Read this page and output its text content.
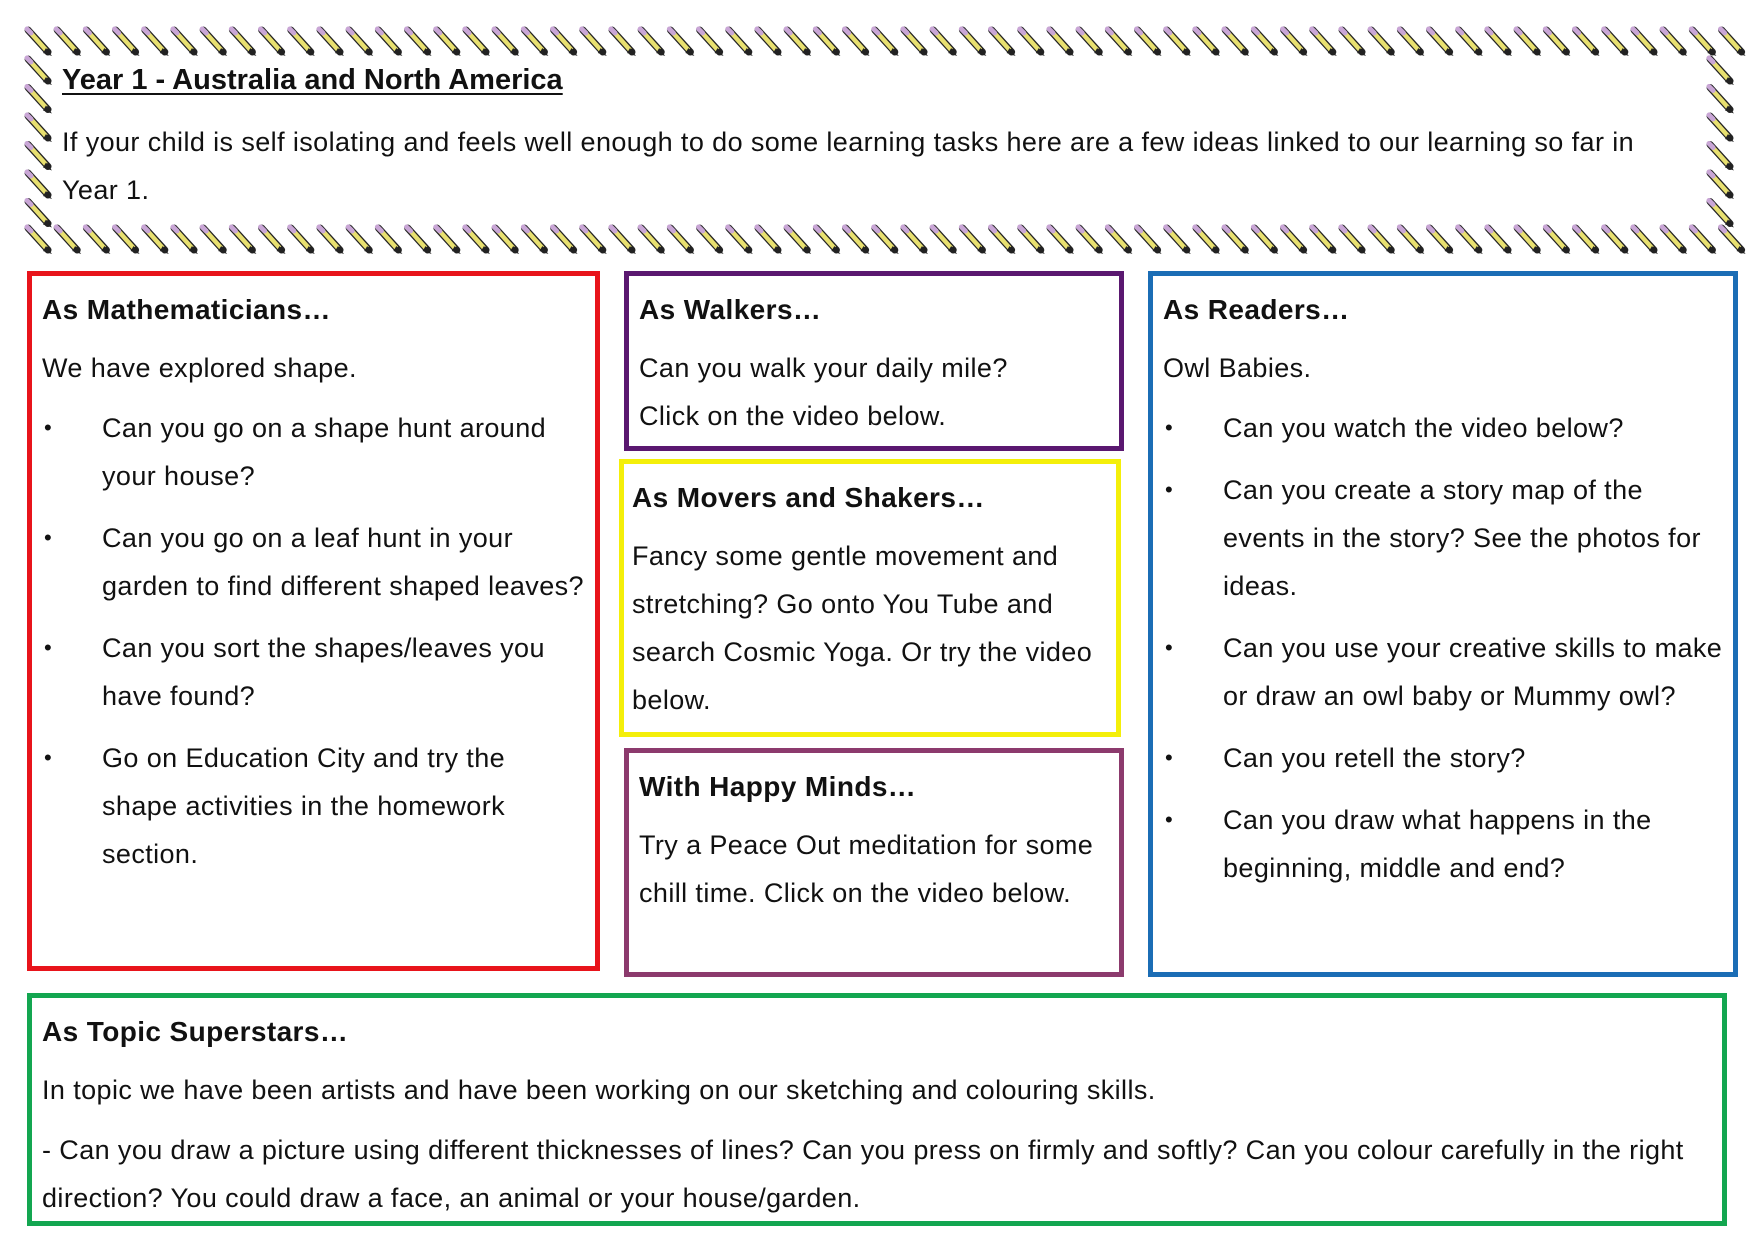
Year 1 - Australia and North America

If your child is self isolating and feels well enough to do some learning tasks here are a few ideas linked to our learning so far in Year 1.

As Mathematicians…

We have explored shape.

• Can you go on a shape hunt around your house?
• Can you go on a leaf hunt in your garden to find different shaped leaves?
• Can you sort the shapes/leaves you have found?
• Go on Education City and try the shape activities in the homework section.
As Walkers…

Can you walk your daily mile?

Click on the video below.

As Movers and Shakers…

Fancy some gentle movement and stretching? Go onto You Tube and search Cosmic Yoga. Or try the video below.

With Happy Minds…

Try a Peace Out meditation for some chill time. Click on the video below.

As Readers…

Owl Babies.

• Can you watch the video below?
• Can you create a story map of the events in the story? See the photos for ideas.
• Can you use your creative skills to make or draw an owl baby or Mummy owl?
• Can you retell the story?
• Can you draw what happens in the beginning, middle and end?
As Topic Superstars…

In topic we have been artists and have been working on our sketching and colouring skills.

- Can you draw a picture using different thicknesses of lines? Can you press on firmly and softly? Can you colour carefully in the right direction? You could draw a face, an animal or your house/garden.
